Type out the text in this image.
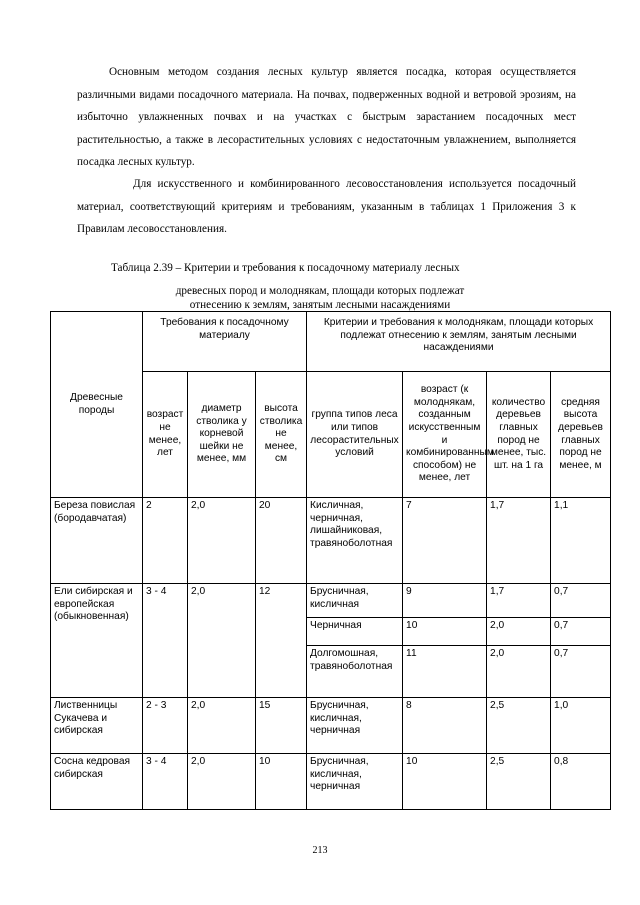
Основным методом создания лесных культур является посадка, которая осуществляется различными видами посадочного материала. На почвах, подверженных водной и ветровой эрозиям, на избыточно увлажненных почвах и на участках с быстрым зарастанием посадочных мест растительностью, а также в лесорастительных условиях с недостаточным увлажнением, выполняется посадка лесных культур.

Для искусственного и комбинированного лесовосстановления используется посадочный материал, соответствующий критериям и требованиям, указанным в таблицах 1 Приложения 3 к Правилам лесовосстановления.

Таблица 2.39 – Критерии и требования к посадочному материалу лесных

древесных пород и молоднякам, площади которых подлежат
отнесению к землям, занятым лесными насаждениями

Древесные породы	Требования к посадочному материалу			Критерии и требования к молоднякам, площади которых подлежат отнесению к землям, занятым лесными насаждениями			
	возраст не менее, лет	диаметр стволика у корневой шейки не менее, мм	высота стволика не менее, см	группа типов леса или типов лесорастительных условий	возраст (к молоднякам, созданным искусственным и комбинированным способом) не менее, лет	количество деревьев главных пород не менее, тыс. шт. на 1 га	средняя высота деревьев главных пород не менее, м
Береза повислая (бородавчатая)	2	2,0	20	Кисличная, черничная, лишайниковая, травяноболотная	7	1,7	1,1
Ели сибирская и европейская (обыкновенная)	3 - 4	2,0	12	Брусничная, кисличная	9	1,7	0,7
				Черничная	10	2,0	0,7
				Долгомошная, травяноболотная	11	2,0	0,7
Лиственницы Сукачева и сибирская	2 - 3	2,0	15	Брусничная, кисличная, черничная	8	2,5	1,0
Сосна кедровая сибирская	3 - 4	2,0	10	Брусничная, кисличная, черничная	10	2,5	0,8
213
